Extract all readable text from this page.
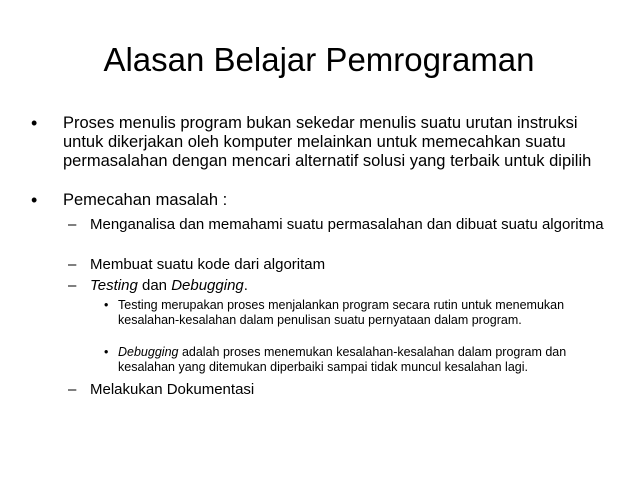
Alasan Belajar Pemrograman
• Proses menulis program bukan sekedar menulis suatu urutan instruksi untuk dikerjakan oleh komputer melainkan untuk memecahkan suatu permasalahan dengan mencari alternatif solusi yang terbaik untuk dipilih
• Pemecahan masalah :
– Menganalisa dan memahami suatu permasalahan dan dibuat suatu algoritma
– Membuat suatu kode dari algoritam
– Testing dan Debugging.
• Testing merupakan proses menjalankan program secara rutin untuk menemukan kesalahan-kesalahan dalam penulisan suatu pernyataan dalam program.
• Debugging adalah proses menemukan kesalahan-kesalahan dalam program dan kesalahan yang ditemukan diperbaiki sampai tidak muncul kesalahan lagi.
– Melakukan Dokumentasi
